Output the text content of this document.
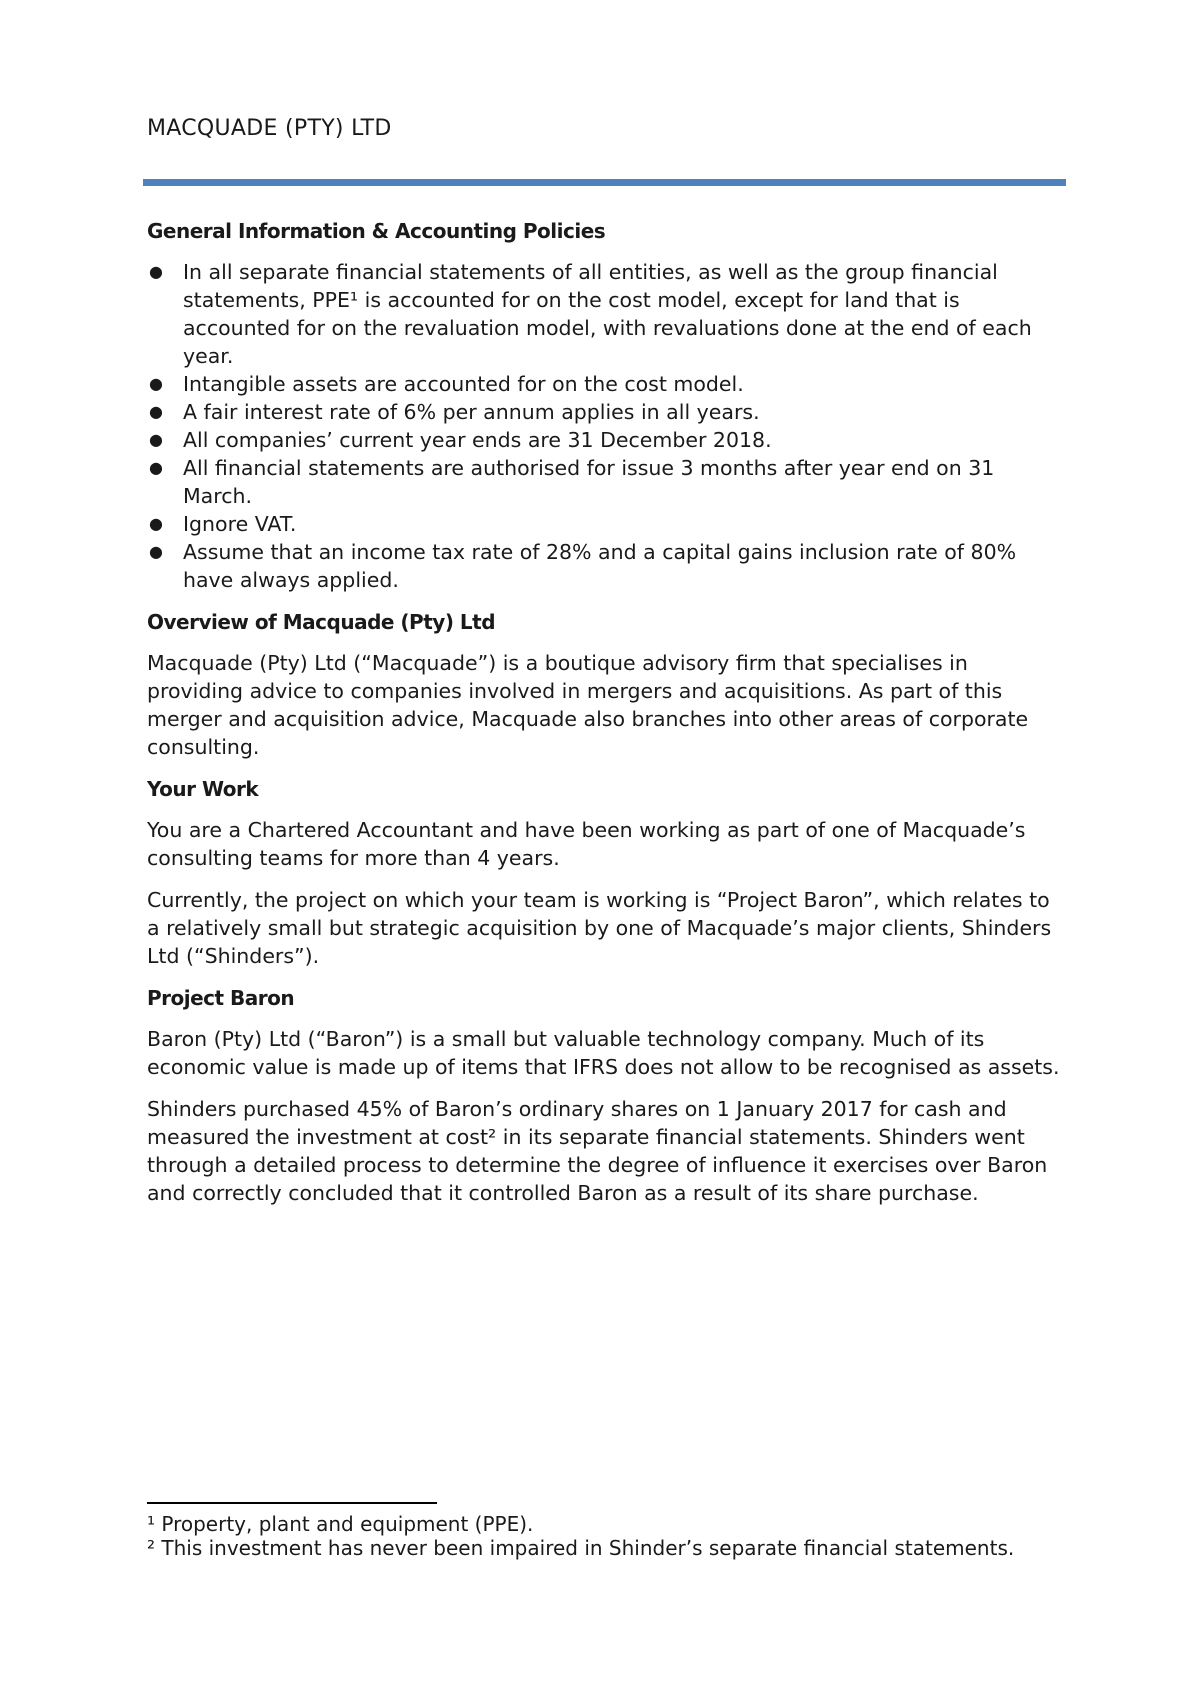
MACQUADE (PTY) LTD
General Information & Accounting Policies
● In all separate financial statements of all entities, as well as the group financial statements, PPE¹ is accounted for on the cost model, except for land that is accounted for on the revaluation model, with revaluations done at the end of each year.
● Intangible assets are accounted for on the cost model.
● A fair interest rate of 6% per annum applies in all years.
● All companies’ current year ends are 31 December 2018.
● All financial statements are authorised for issue 3 months after year end on 31 March.
● Ignore VAT.
● Assume that an income tax rate of 28% and a capital gains inclusion rate of 80% have always applied.
Overview of Macquade (Pty) Ltd

Macquade (Pty) Ltd (“Macquade”) is a boutique advisory firm that specialises in providing advice to companies involved in mergers and acquisitions. As part of this merger and acquisition advice, Macquade also branches into other areas of corporate consulting.

Your Work

You are a Chartered Accountant and have been working as part of one of Macquade’s consulting teams for more than 4 years.

Currently, the project on which your team is working is “Project Baron”, which relates to a relatively small but strategic acquisition by one of Macquade’s major clients, Shinders Ltd (“Shinders”).

Project Baron

Baron (Pty) Ltd (“Baron”) is a small but valuable technology company. Much of its economic value is made up of items that IFRS does not allow to be recognised as assets.

Shinders purchased 45% of Baron’s ordinary shares on 1 January 2017 for cash and measured the investment at cost² in its separate financial statements. Shinders went through a detailed process to determine the degree of influence it exercises over Baron and correctly concluded that it controlled Baron as a result of its share purchase.

¹ Property, plant and equipment (PPE).
² This investment has never been impaired in Shinder’s separate financial statements.
